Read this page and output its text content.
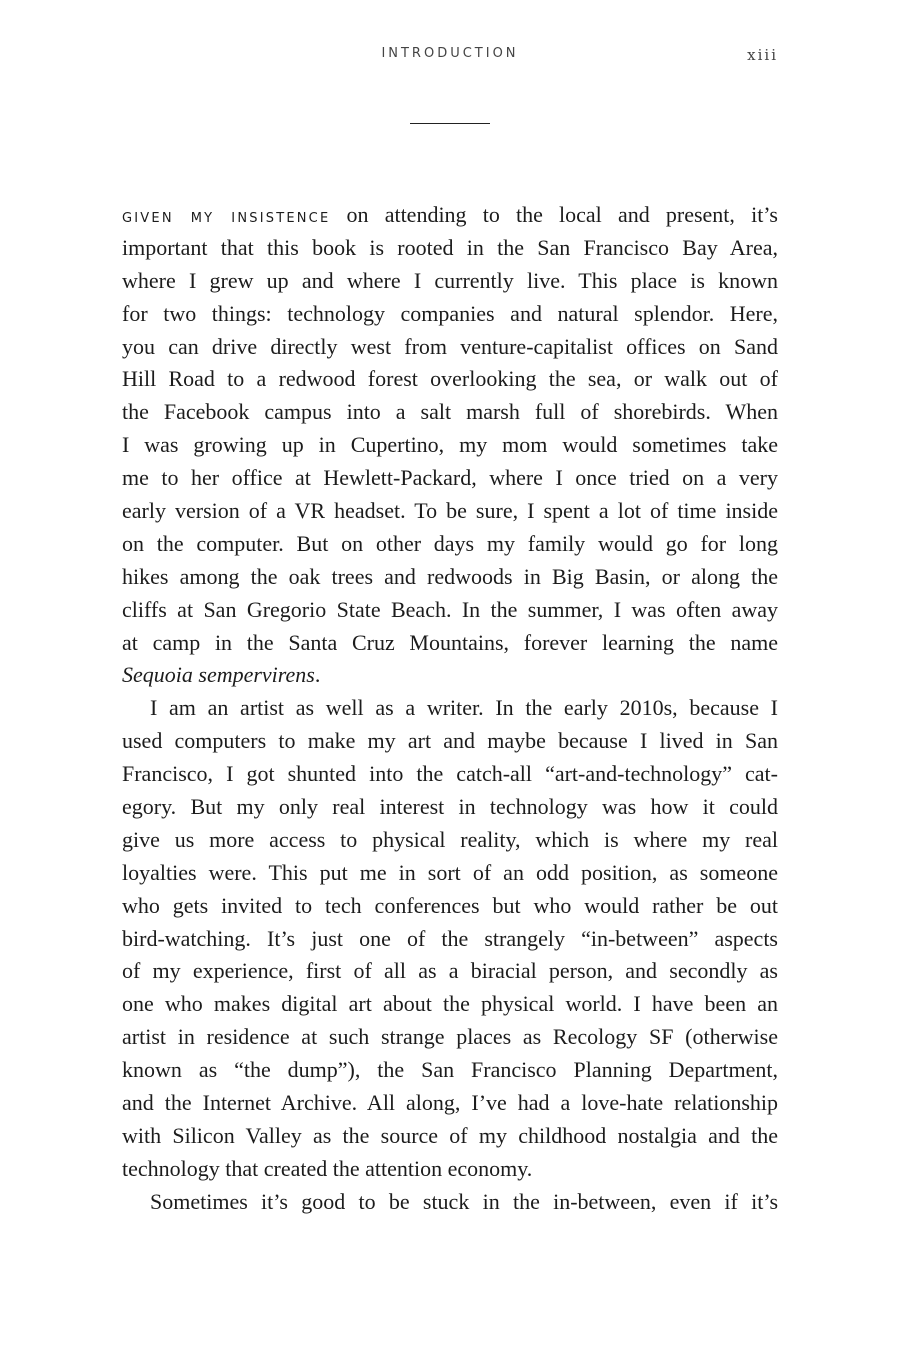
INTRODUCTION	xiii
GIVEN MY INSISTENCE on attending to the local and present, it’s
important that this book is rooted in the San Francisco Bay Area,
where I grew up and where I currently live. This place is known
for two things: technology companies and natural splendor. Here,
you can drive directly west from venture-capitalist offices on Sand
Hill Road to a redwood forest overlooking the sea, or walk out of
the Facebook campus into a salt marsh full of shorebirds. When
I was growing up in Cupertino, my mom would sometimes take
me to her office at Hewlett-Packard, where I once tried on a very
early version of a VR headset. To be sure, I spent a lot of time inside
on the computer. But on other days my family would go for long
hikes among the oak trees and redwoods in Big Basin, or along the
cliffs at San Gregorio State Beach. In the summer, I was often away
at camp in the Santa Cruz Mountains, forever learning the name
Sequoia sempervirens.
I am an artist as well as a writer. In the early 2010s, because I
used computers to make my art and maybe because I lived in San
Francisco, I got shunted into the catch-all “art-and-technology” cat-
egory. But my only real interest in technology was how it could
give us more access to physical reality, which is where my real
loyalties were. This put me in sort of an odd position, as someone
who gets invited to tech conferences but who would rather be out
bird-watching. It’s just one of the strangely “in-between” aspects
of my experience, first of all as a biracial person, and secondly as
one who makes digital art about the physical world. I have been an
artist in residence at such strange places as Recology SF (otherwise
known as “the dump”), the San Francisco Planning Department,
and the Internet Archive. All along, I’ve had a love-hate relationship
with Silicon Valley as the source of my childhood nostalgia and the
technology that created the attention economy.
Sometimes it’s good to be stuck in the in-between, even if it’s
